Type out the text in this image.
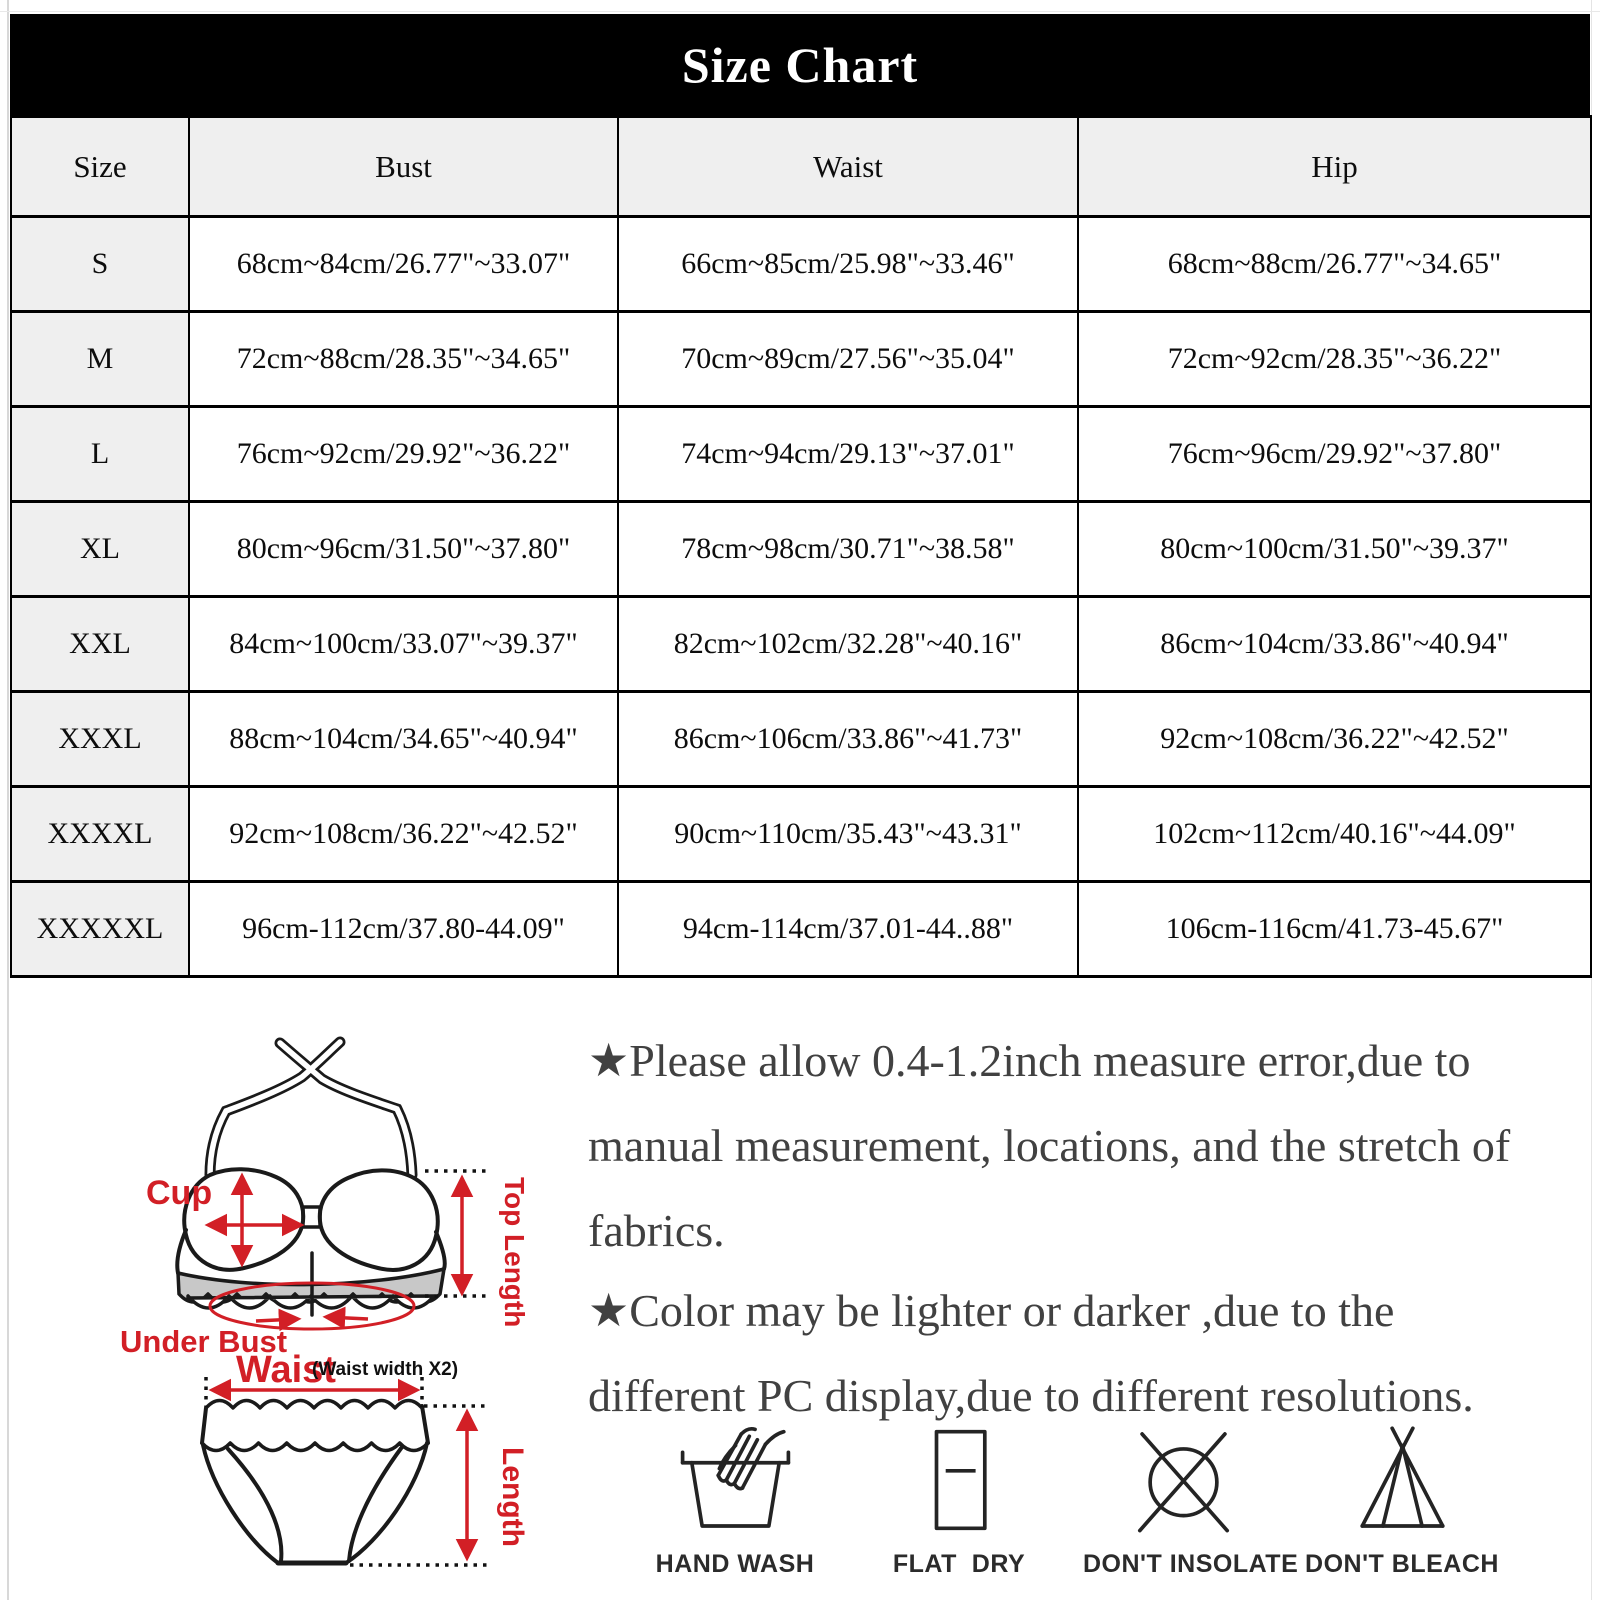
Size Chart
Size	Bust	Waist	Hip
S	68cm~84cm/26.77"~33.07"	66cm~85cm/25.98"~33.46"	68cm~88cm/26.77"~34.65"
M	72cm~88cm/28.35"~34.65"	70cm~89cm/27.56"~35.04"	72cm~92cm/28.35"~36.22"
L	76cm~92cm/29.92"~36.22"	74cm~94cm/29.13"~37.01"	76cm~96cm/29.92"~37.80"
XL	80cm~96cm/31.50"~37.80"	78cm~98cm/30.71"~38.58"	80cm~100cm/31.50"~39.37"
XXL	84cm~100cm/33.07"~39.37"	82cm~102cm/32.28"~40.16"	86cm~104cm/33.86"~40.94"
XXXL	88cm~104cm/34.65"~40.94"	86cm~106cm/33.86"~41.73"	92cm~108cm/36.22"~42.52"
XXXXL	92cm~108cm/36.22"~42.52"	90cm~110cm/35.43"~43.31"	102cm~112cm/40.16"~44.09"
XXXXXL	96cm-112cm/37.80-44.09"	94cm-114cm/37.01-44..88"	106cm-116cm/41.73-45.67"
Cup	Top Length
Under Bust
Waist
(Waist width X2)
Length
★Please allow 0.4-1.2inch measure error,due to
manual measurement, locations, and the stretch of
fabrics.
★Color may be lighter or darker ,due to the
different PC display,due to different resolutions.
HAND WASH	FLAT  DRY	DON'T INSOLATE DON'T BLEACH
